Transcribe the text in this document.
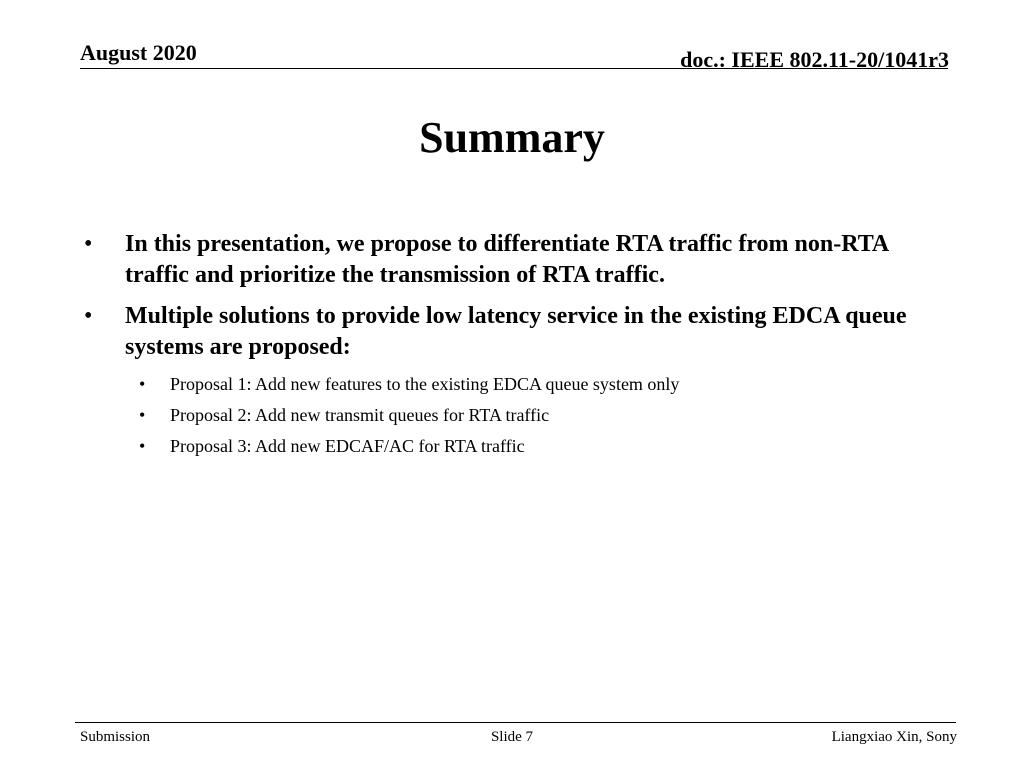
August 2020	doc.: IEEE 802.11-20/1041r3
Summary
• In this presentation, we propose to differentiate RTA traffic from non-RTA traffic and prioritize the transmission of RTA traffic.
• Multiple solutions to provide low latency service in the existing EDCA queue systems are proposed:
• Proposal 1: Add new features to the existing EDCA queue system only
• Proposal 2: Add new transmit queues for RTA traffic
• Proposal 3: Add new EDCAF/AC for RTA traffic
Submission	Slide 7	Liangxiao Xin, Sony
